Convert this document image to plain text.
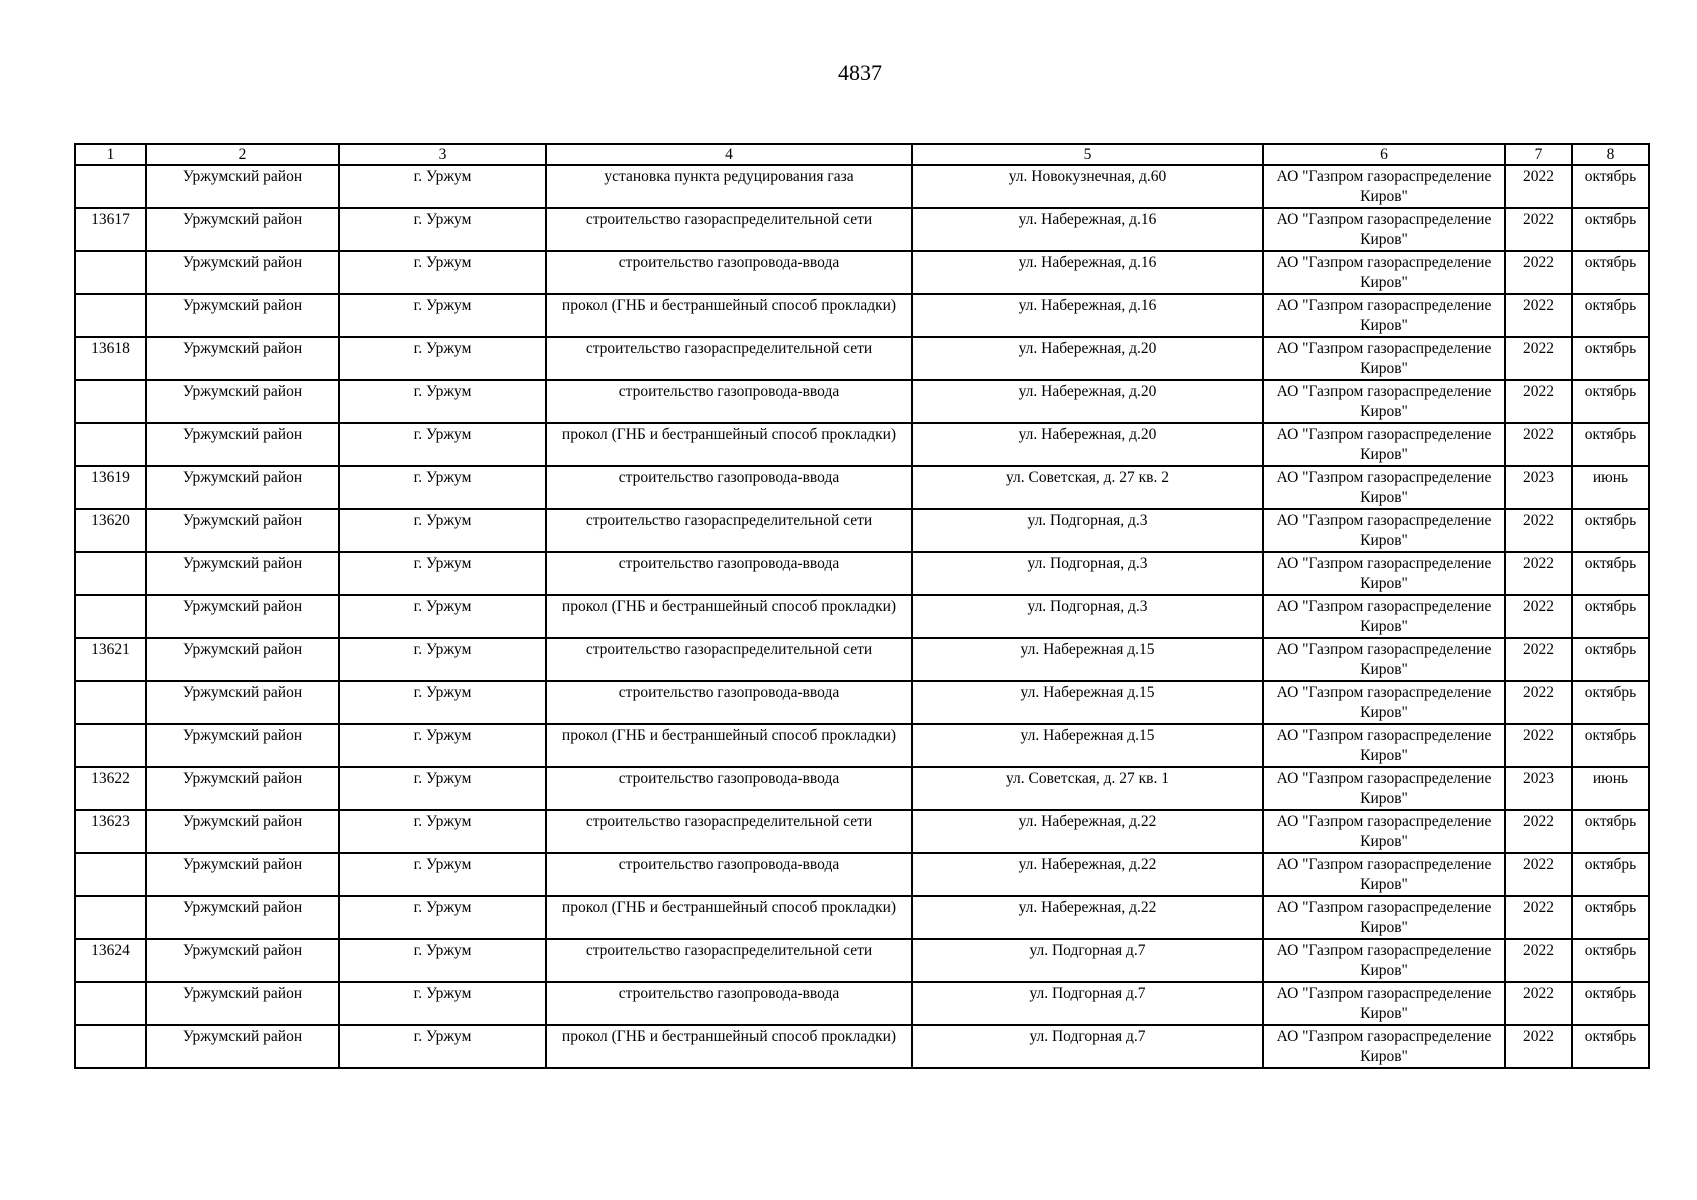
4837
1	2	3	4	5	6	7	8
	Уржумский район	г. Уржум	установка пункта редуцирования газа	ул. Новокузнечная, д.60	АО "Газпром газораспределение Киров"	2022	октябрь
13617	Уржумский район	г. Уржум	строительство газораспределительной сети	ул. Набережная, д.16	АО "Газпром газораспределение Киров"	2022	октябрь
	Уржумский район	г. Уржум	строительство газопровода-ввода	ул. Набережная, д.16	АО "Газпром газораспределение Киров"	2022	октябрь
	Уржумский район	г. Уржум	прокол (ГНБ и бестраншейный способ прокладки)	ул. Набережная, д.16	АО "Газпром газораспределение Киров"	2022	октябрь
13618	Уржумский район	г. Уржум	строительство газораспределительной сети	ул. Набережная, д.20	АО "Газпром газораспределение Киров"	2022	октябрь
	Уржумский район	г. Уржум	строительство газопровода-ввода	ул. Набережная, д.20	АО "Газпром газораспределение Киров"	2022	октябрь
	Уржумский район	г. Уржум	прокол (ГНБ и бестраншейный способ прокладки)	ул. Набережная, д.20	АО "Газпром газораспределение Киров"	2022	октябрь
13619	Уржумский район	г. Уржум	строительство газопровода-ввода	ул. Советская, д. 27 кв. 2	АО "Газпром газораспределение Киров"	2023	июнь
13620	Уржумский район	г. Уржум	строительство газораспределительной сети	ул. Подгорная, д.3	АО "Газпром газораспределение Киров"	2022	октябрь
	Уржумский район	г. Уржум	строительство газопровода-ввода	ул. Подгорная, д.3	АО "Газпром газораспределение Киров"	2022	октябрь
	Уржумский район	г. Уржум	прокол (ГНБ и бестраншейный способ прокладки)	ул. Подгорная, д.3	АО "Газпром газораспределение Киров"	2022	октябрь
13621	Уржумский район	г. Уржум	строительство газораспределительной сети	ул. Набережная д.15	АО "Газпром газораспределение Киров"	2022	октябрь
	Уржумский район	г. Уржум	строительство газопровода-ввода	ул. Набережная д.15	АО "Газпром газораспределение Киров"	2022	октябрь
	Уржумский район	г. Уржум	прокол (ГНБ и бестраншейный способ прокладки)	ул. Набережная д.15	АО "Газпром газораспределение Киров"	2022	октябрь
13622	Уржумский район	г. Уржум	строительство газопровода-ввода	ул. Советская, д. 27 кв. 1	АО "Газпром газораспределение Киров"	2023	июнь
13623	Уржумский район	г. Уржум	строительство газораспределительной сети	ул. Набережная, д.22	АО "Газпром газораспределение Киров"	2022	октябрь
	Уржумский район	г. Уржум	строительство газопровода-ввода	ул. Набережная, д.22	АО "Газпром газораспределение Киров"	2022	октябрь
	Уржумский район	г. Уржум	прокол (ГНБ и бестраншейный способ прокладки)	ул. Набережная, д.22	АО "Газпром газораспределение Киров"	2022	октябрь
13624	Уржумский район	г. Уржум	строительство газораспределительной сети	ул. Подгорная д.7	АО "Газпром газораспределение Киров"	2022	октябрь
	Уржумский район	г. Уржум	строительство газопровода-ввода	ул. Подгорная д.7	АО "Газпром газораспределение Киров"	2022	октябрь
	Уржумский район	г. Уржум	прокол (ГНБ и бестраншейный способ прокладки)	ул. Подгорная д.7	АО "Газпром газораспределение Киров"	2022	октябрь
